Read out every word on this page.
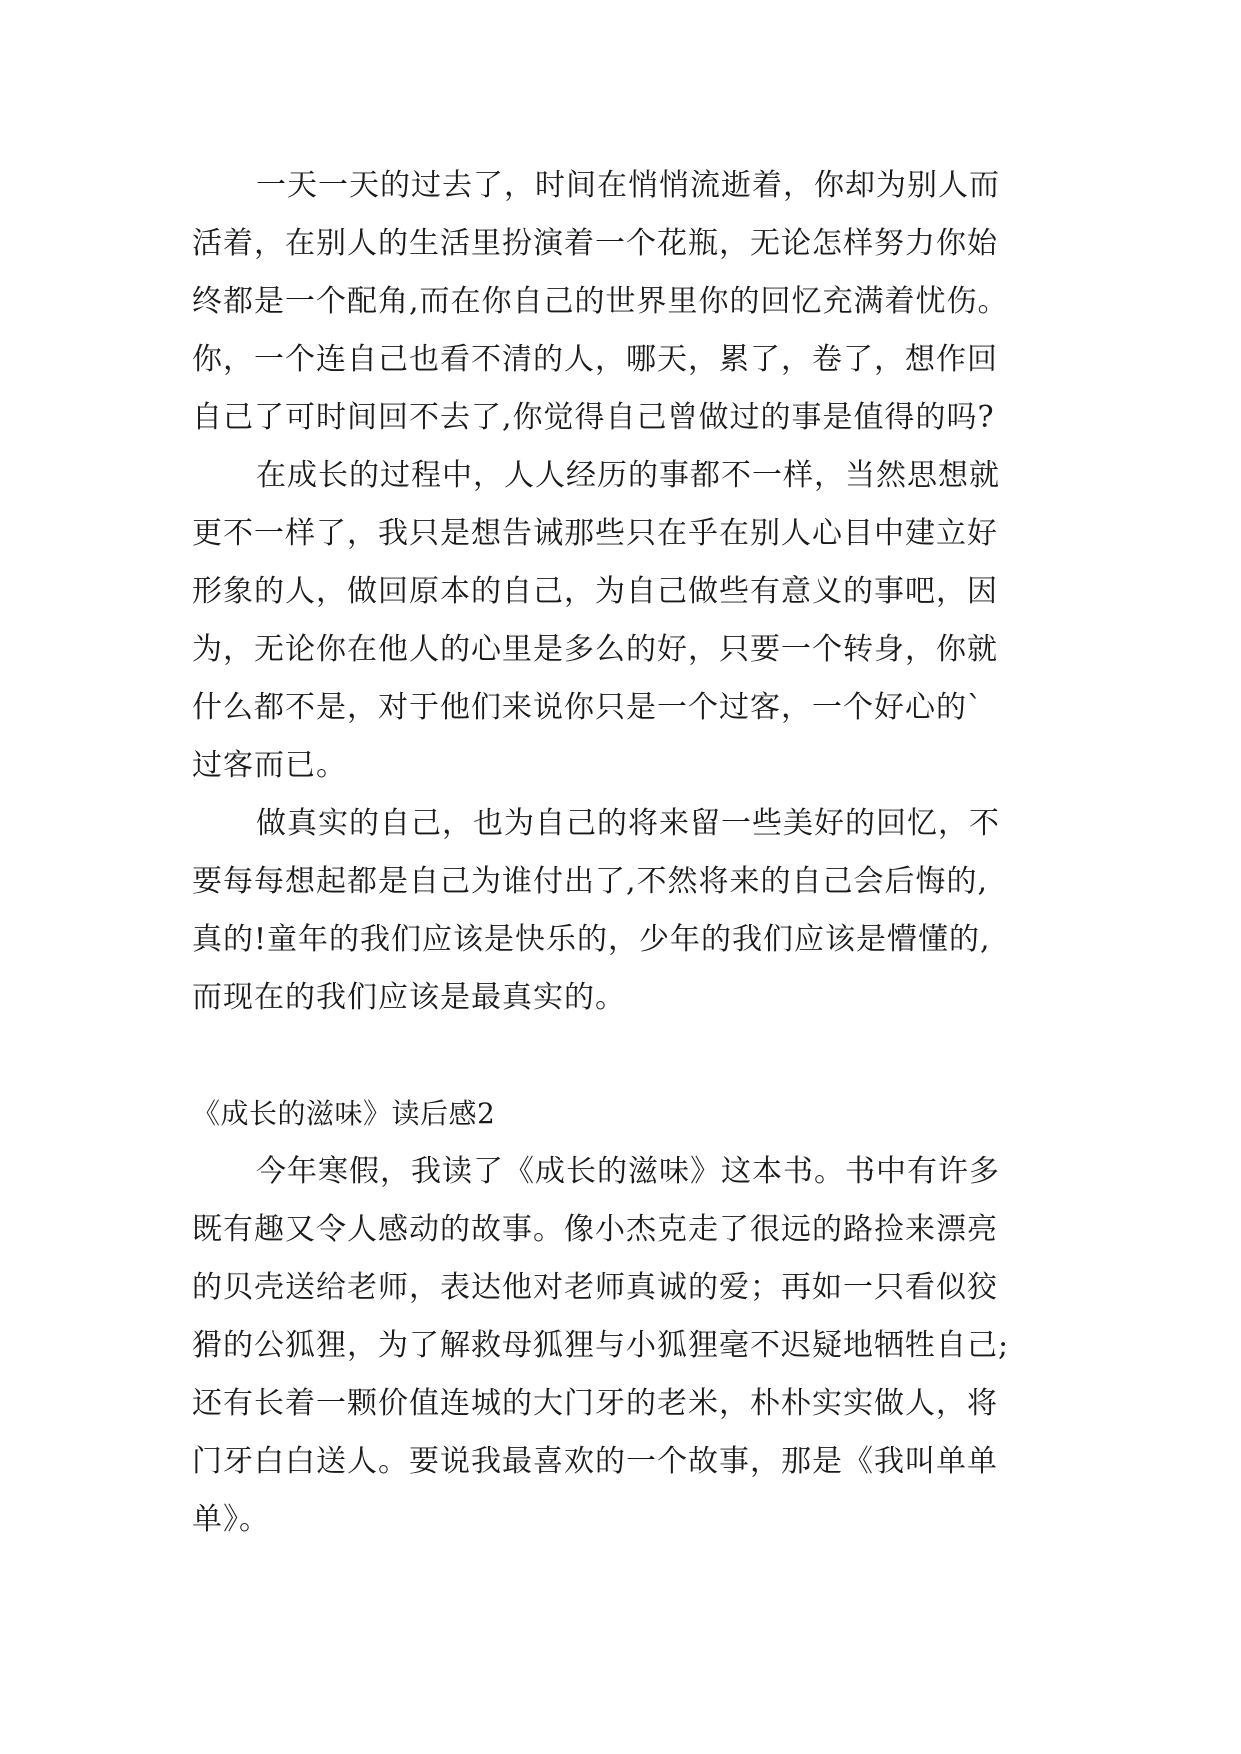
一天一天的过去了，时间在悄悄流逝着，你却为别人而
活着，在别人的生活里扮演着一个花瓶，无论怎样努力你始
终都是一个配角,而在你自己的世界里你的回忆充满着忧伤。
你，一个连自己也看不清的人，哪天，累了，卷了，想作回
自己了可时间回不去了,你觉得自己曾做过的事是值得的吗?
在成长的过程中，人人经历的事都不一样，当然思想就
更不一样了，我只是想告诫那些只在乎在别人心目中建立好
形象的人，做回原本的自己，为自己做些有意义的事吧，因
为，无论你在他人的心里是多么的好，只要一个转身，你就
什么都不是，对于他们来说你只是一个过客，一个好心的`
过客而已。
做真实的自己，也为自己的将来留一些美好的回忆，不
要每每想起都是自己为谁付出了,不然将来的自己会后悔的,
真的!童年的我们应该是快乐的，少年的我们应该是懵懂的,
而现在的我们应该是最真实的。
《成长的滋味》读后感2
今年寒假，我读了《成长的滋味》这本书。书中有许多
既有趣又令人感动的故事。像小杰克走了很远的路捡来漂亮
的贝壳送给老师，表达他对老师真诚的爱；再如一只看似狡
猾的公狐狸，为了解救母狐狸与小狐狸毫不迟疑地牺牲自己;
还有长着一颗价值连城的大门牙的老米，朴朴实实做人，将
门牙白白送人。要说我最喜欢的一个故事，那是《我叫单单
单》。
